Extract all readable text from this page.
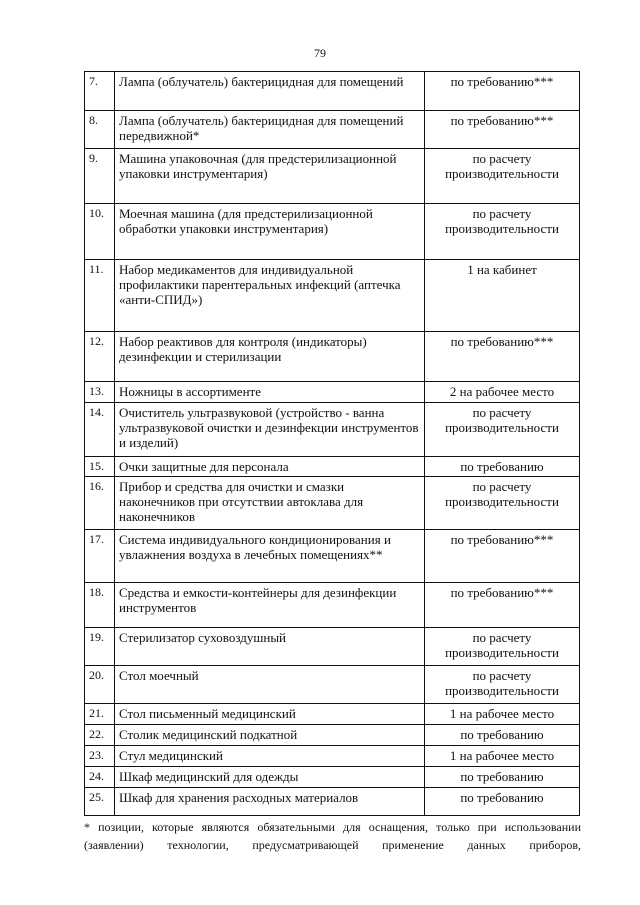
79
7.	Лампа (облучатель) бактерицидная для помещений	по требованию***
8.	Лампа (облучатель) бактерицидная для помещений передвижной*	по требованию***
9.	Машина упаковочная (для предстерилизационной упаковки инструментария)	по расчету производительности
10.	Моечная машина (для предстерилизационной обработки упаковки инструментария)	по расчету производительности
11.	Набор медикаментов для индивидуальной профилактики парентеральных инфекций (аптечка «анти-СПИД»)	1 на кабинет
12.	Набор реактивов для контроля (индикаторы) дезинфекции и стерилизации	по требованию***
13.	Ножницы в ассортименте	2 на рабочее место
14.	Очиститель ультразвуковой (устройство - ванна ультразвуковой очистки и дезинфекции инструментов и изделий)	по расчету производительности
15.	Очки защитные для персонала	по требованию
16.	Прибор и средства для очистки и смазки наконечников при отсутствии автоклава для наконечников	по расчету производительности
17.	Система индивидуального кондиционирования и увлажнения воздуха в лечебных помещениях**	по требованию***
18.	Средства и емкости-контейнеры для дезинфекции инструментов	по требованию***
19.	Стерилизатор суховоздушный	по расчету производительности
20.	Стол моечный	по расчету производительности
21.	Стол письменный медицинский	1 на рабочее место
22.	Столик медицинский подкатной	по требованию
23.	Стул медицинский	1 на рабочее место
24.	Шкаф медицинский для одежды	по требованию
25.	Шкаф для хранения расходных материалов	по требованию
* позиции, которые являются обязательными для оснащения, только при использовании (заявлении) технологии, предусматривающей применение данных приборов,
